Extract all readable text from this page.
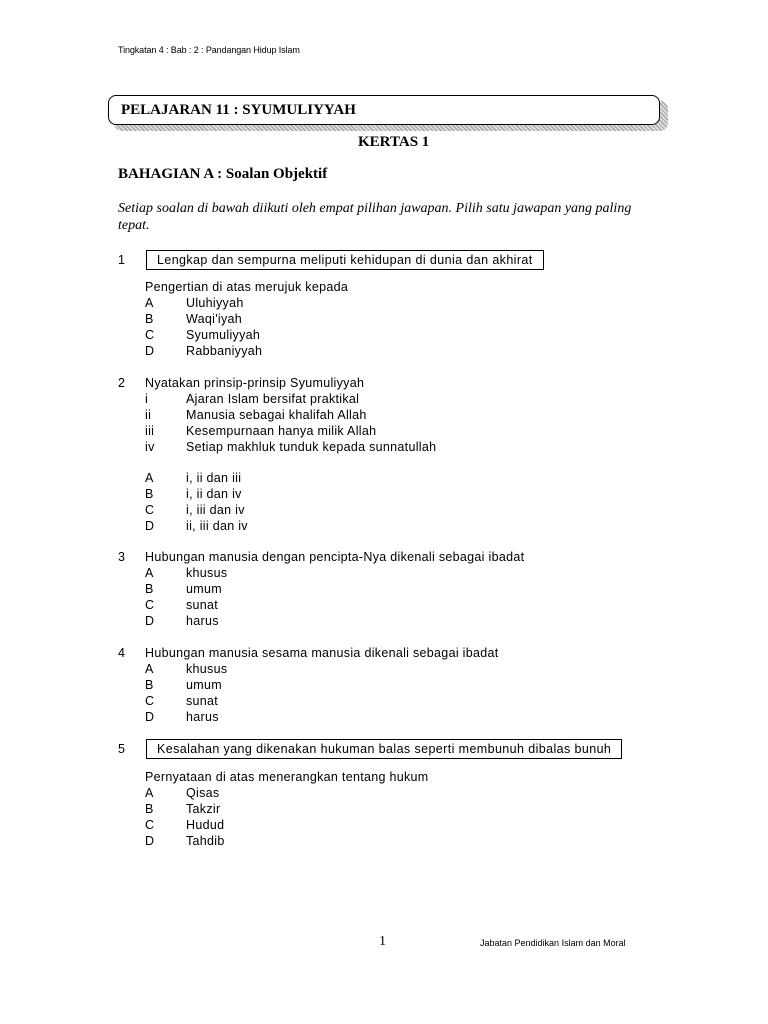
Tingkatan 4 : Bab : 2 : Pandangan Hidup Islam
PELAJARAN 11 : SYUMULIYYAH
KERTAS 1
BAHAGIAN A : Soalan Objektif
Setiap soalan di bawah diikuti oleh empat pilihan jawapan. Pilih satu jawapan yang paling tepat.
1	Lengkap dan sempurna meliputi kehidupan di dunia dan akhirat
Pengertian di atas merujuk kepada
A	Uluhiyyah
B	Waqi'iyah
C	Syumuliyyah
D	Rabbaniyyah
2 Nyatakan prinsip-prinsip Syumuliyyah
i	Ajaran Islam bersifat praktikal
ii	Manusia sebagai khalifah Allah
iii	Kesempurnaan hanya milik Allah
iv	Setiap makhluk tunduk kepada sunnatullah
A	i, ii dan iii
B	i, ii dan iv
C	i, iii dan iv
D	ii, iii dan iv
3 Hubungan manusia dengan pencipta-Nya dikenali sebagai ibadat
A	khusus
B	umum
C	sunat
D	harus
4 Hubungan manusia sesama manusia dikenali sebagai ibadat
A	khusus
B	umum
C	sunat
D	harus
5	Kesalahan yang dikenakan hukuman balas seperti membunuh dibalas bunuh
Pernyataan di atas menerangkan tentang hukum
A	Qisas
B	Takzir
C	Hudud
D	Tahdib
1	Jabatan Pendidikan Islam dan Moral
